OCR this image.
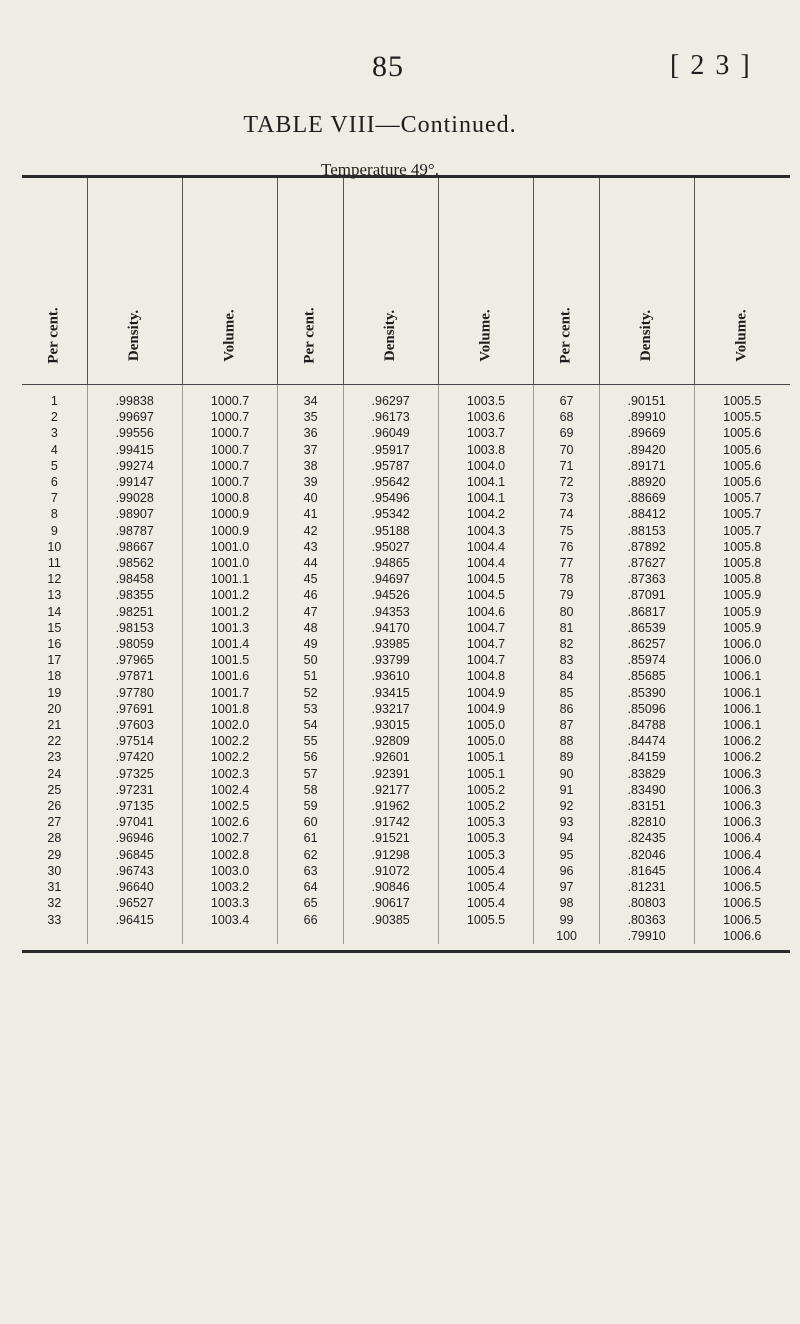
85	[ 2 3 ]
TABLE VIII—Continued.
Temperature 49°.
Per cent.	Density.	Volume.	Per cent.	Density.	Volume.	Per cent.	Density.	Volume.
1	.99838	1000.7	34	.96297	1003.5	67	.90151	1005.5
2	.99697	1000.7	35	.96173	1003.6	68	.89910	1005.5
3	.99556	1000.7	36	.96049	1003.7	69	.89669	1005.6
4	.99415	1000.7	37	.95917	1003.8	70	.89420	1005.6
5	.99274	1000.7	38	.95787	1004.0	71	.89171	1005.6
6	.99147	1000.7	39	.95642	1004.1	72	.88920	1005.6
7	.99028	1000.8	40	.95496	1004.1	73	.88669	1005.7
8	.98907	1000.9	41	.95342	1004.2	74	.88412	1005.7
9	.98787	1000.9	42	.95188	1004.3	75	.88153	1005.7
10	.98667	1001.0	43	.95027	1004.4	76	.87892	1005.8
11	.98562	1001.0	44	.94865	1004.4	77	.87627	1005.8
12	.98458	1001.1	45	.94697	1004.5	78	.87363	1005.8
13	.98355	1001.2	46	.94526	1004.5	79	.87091	1005.9
14	.98251	1001.2	47	.94353	1004.6	80	.86817	1005.9
15	.98153	1001.3	48	.94170	1004.7	81	.86539	1005.9
16	.98059	1001.4	49	.93985	1004.7	82	.86257	1006.0
17	.97965	1001.5	50	.93799	1004.7	83	.85974	1006.0
18	.97871	1001.6	51	.93610	1004.8	84	.85685	1006.1
19	.97780	1001.7	52	.93415	1004.9	85	.85390	1006.1
20	.97691	1001.8	53	.93217	1004.9	86	.85096	1006.1
21	.97603	1002.0	54	.93015	1005.0	87	.84788	1006.1
22	.97514	1002.2	55	.92809	1005.0	88	.84474	1006.2
23	.97420	1002.2	56	.92601	1005.1	89	.84159	1006.2
24	.97325	1002.3	57	.92391	1005.1	90	.83829	1006.3
25	.97231	1002.4	58	.92177	1005.2	91	.83490	1006.3
26	.97135	1002.5	59	.91962	1005.2	92	.83151	1006.3
27	.97041	1002.6	60	.91742	1005.3	93	.82810	1006.3
28	.96946	1002.7	61	.91521	1005.3	94	.82435	1006.4
29	.96845	1002.8	62	.91298	1005.3	95	.82046	1006.4
30	.96743	1003.0	63	.91072	1005.4	96	.81645	1006.4
31	.96640	1003.2	64	.90846	1005.4	97	.81231	1006.5
32	.96527	1003.3	65	.90617	1005.4	98	.80803	1006.5
33	.96415	1003.4	66	.90385	1005.5	99	.80363	1006.5
						100	.79910	1006.6
